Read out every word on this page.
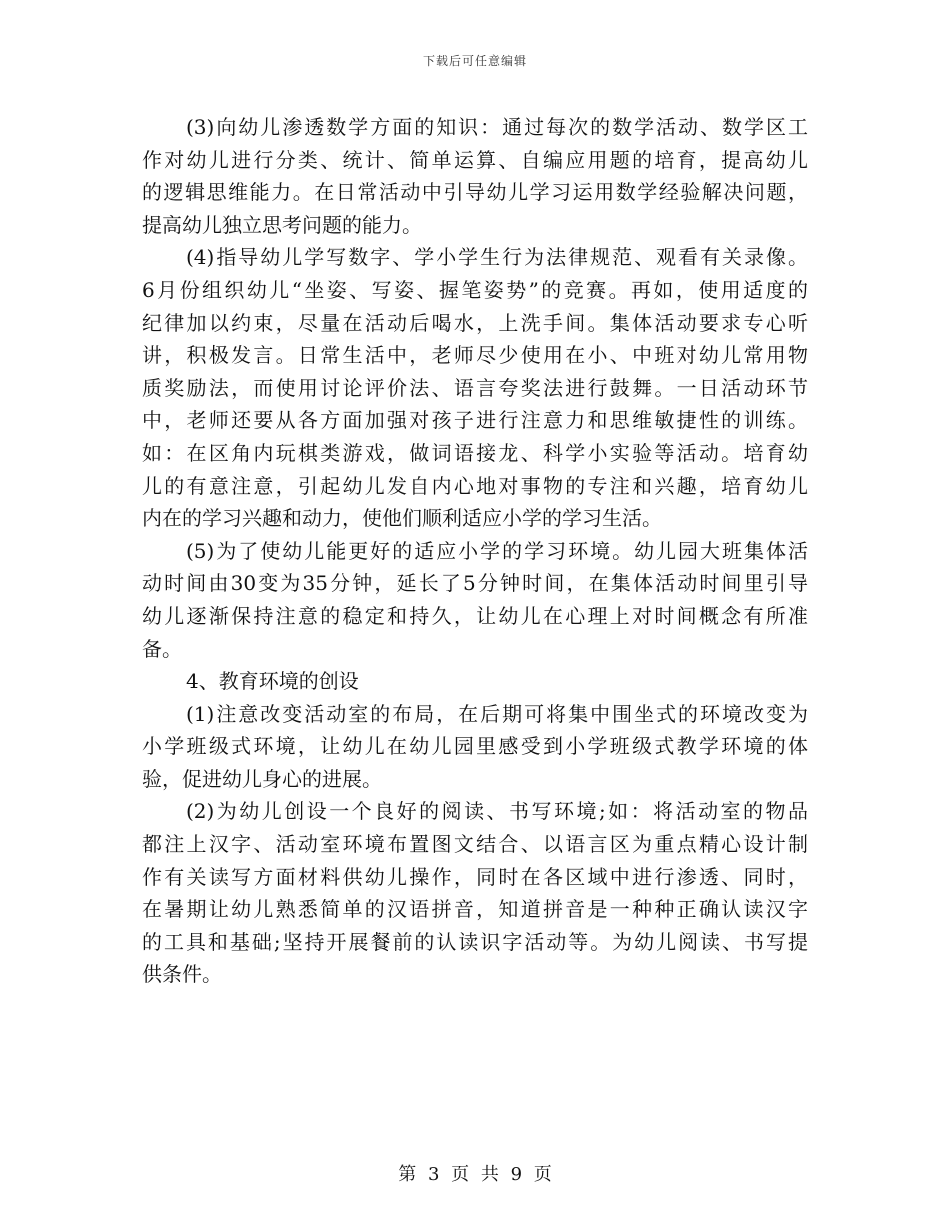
下载后可任意编辑
(3)向幼儿渗透数学方面的知识：通过每次的数学活动、数学区工
作对幼儿进行分类、统计、简单运算、自编应用题的培育，提高幼儿
的逻辑思维能力。在日常活动中引导幼儿学习运用数学经验解决问题，
提高幼儿独立思考问题的能力。
(4)指导幼儿学写数字、学小学生行为法律规范、观看有关录像。
6月份组织幼儿“坐姿、写姿、握笔姿势”的竞赛。再如，使用适度的
纪律加以约束，尽量在活动后喝水，上洗手间。集体活动要求专心听
讲，积极发言。日常生活中，老师尽少使用在小、中班对幼儿常用物
质奖励法，而使用讨论评价法、语言夸奖法进行鼓舞。一日活动环节
中，老师还要从各方面加强对孩子进行注意力和思维敏捷性的训练。
如：在区角内玩棋类游戏，做词语接龙、科学小实验等活动。培育幼
儿的有意注意，引起幼儿发自内心地对事物的专注和兴趣，培育幼儿
内在的学习兴趣和动力，使他们顺利适应小学的学习生活。
(5)为了使幼儿能更好的适应小学的学习环境。幼儿园大班集体活
动时间由30变为35分钟，延长了5分钟时间，在集体活动时间里引导
幼儿逐渐保持注意的稳定和持久，让幼儿在心理上对时间概念有所准
备。
4、教育环境的创设
(1)注意改变活动室的布局，在后期可将集中围坐式的环境改变为
小学班级式环境，让幼儿在幼儿园里感受到小学班级式教学环境的体
验，促进幼儿身心的进展。
(2)为幼儿创设一个良好的阅读、书写环境;如：将活动室的物品
都注上汉字、活动室环境布置图文结合、以语言区为重点精心设计制
作有关读写方面材料供幼儿操作，同时在各区域中进行渗透、同时，
在暑期让幼儿熟悉简单的汉语拼音，知道拼音是一种种正确认读汉字
的工具和基础;坚持开展餐前的认读识字活动等。为幼儿阅读、书写提
供条件。
第 3 页 共 9 页
